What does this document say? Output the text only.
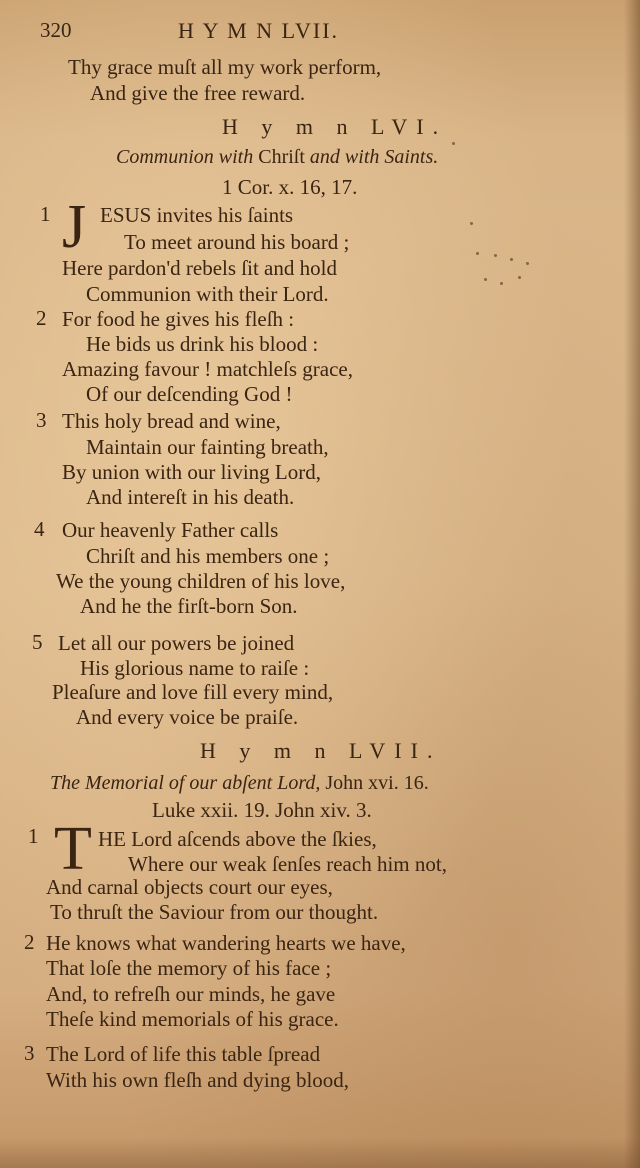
320	H Y M N LVII.
Thy grace muſt all my work perform,
And give the free reward.
H y m n LVI.
Communion with Chriſt and with Saints.
1 Cor. x. 16, 17.
1 J ESUS invites his ſaints
To meet around his board ;
Here pardon'd rebels ſit and hold
Communion with their Lord.
2 For food he gives his fleſh :
He bids us drink his blood :
Amazing favour ! matchleſs grace,
Of our deſcending God !
3 This holy bread and wine,
Maintain our fainting breath,
By union with our living Lord,
And intereſt in his death.
4 Our heavenly Father calls
Chriſt and his members one ;
We the young children of his love,
And he the firſt-born Son.
5 Let all our powers be joined
His glorious name to raiſe :
Pleaſure and love fill every mind,
And every voice be praiſe.
H y m n LVII.
The Memorial of our abſent Lord, John xvi. 16.
Luke xxii. 19. John xiv. 3.
1 T HE Lord aſcends above the ſkies,
Where our weak ſenſes reach him not,
And carnal objects court our eyes,
To thruſt the Saviour from our thought.
2 He knows what wandering hearts we have,
That loſe the memory of his face ;
And, to refreſh our minds, he gave
Theſe kind memorials of his grace.
3 The Lord of life this table ſpread
With his own fleſh and dying blood,
